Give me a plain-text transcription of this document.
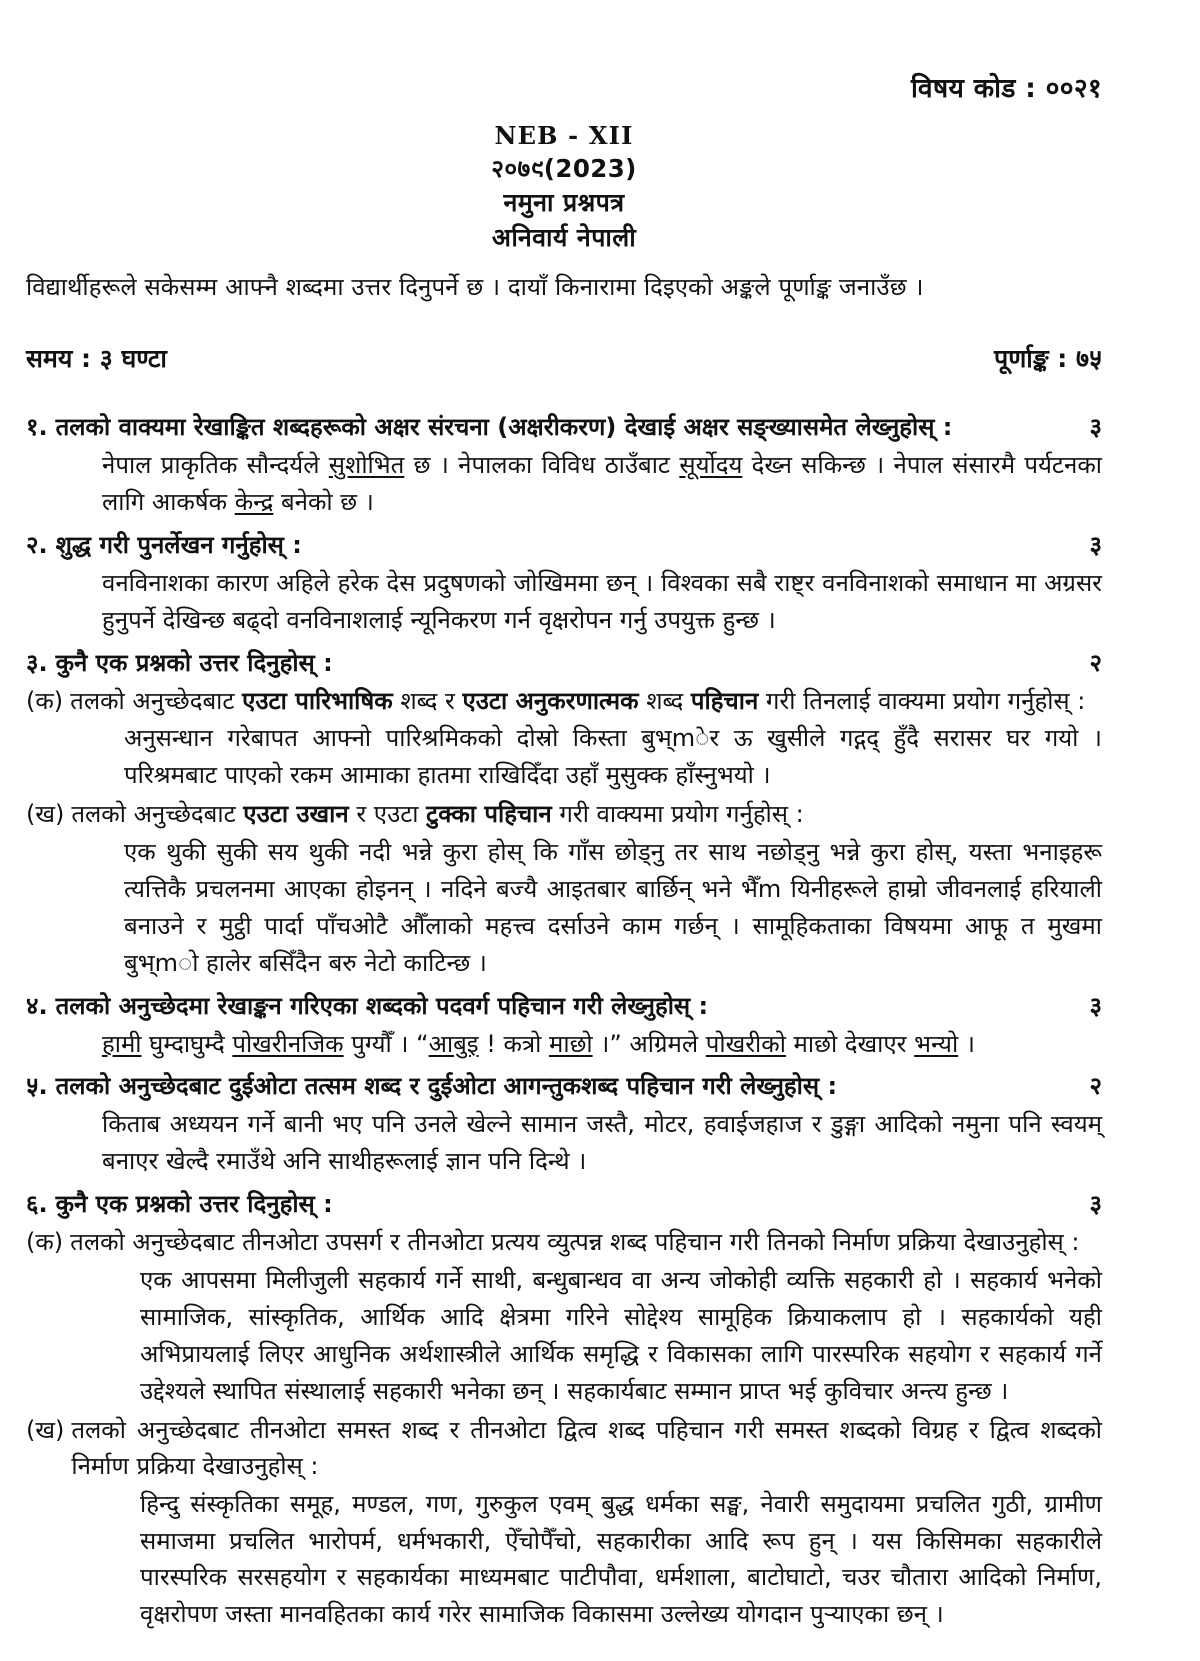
विषय कोड : ००२१
NEB - XII
२०७९(2023)
नमुना प्रश्नपत्र
अनिवार्य नेपाली
विद्यार्थीहरूले सकेसम्म आफ्नै शब्दमा उत्तर दिनुपर्ने छ । दायाँ किनारामा दिइएको अङ्कले पूर्णाङ्क जनाउँछ ।
समय : ३ घण्टा	पूर्णाङ्क : ७५
१. तलको वाक्यमा रेखाङ्कित शब्दहरूको अक्षर संरचना (अक्षरीकरण) देखाई अक्षर सङ्ख्यासमेत लेख्नुहोस् :	३
नेपाल प्राकृतिक सौन्दर्यले सुशोभित छ । नेपालका विविध ठाउँबाट सूर्योदय देख्न सकिन्छ । नेपाल संसारमै पर्यटनका लागि आकर्षक केन्द्र बनेको छ ।
२. शुद्ध गरी पुनर्लेखन गर्नुहोस् :	३
वनविनाशका कारण अहिले हरेक देस प्रदुषणको जोखिममा छन् । विश्वका सबै राष्ट्र वनविनाशको समाधान मा अग्रसर हुनुपर्ने देखिन्छ बढ्दो वनविनाशलाई न्यूनिकरण गर्न वृक्षरोपन गर्नु उपयुक्त हुन्छ ।
३. कुनै एक प्रश्नको उत्तर दिनुहोस् :	२
(क) तलको अनुच्छेदबाट एउटा पारिभाषिक शब्द र एउटा अनुकरणात्मक शब्द पहिचान गरी तिनलाई वाक्यमा प्रयोग गर्नुहोस् :
अनुसन्धान गरेबापत आफ्नो पारिश्रमिकको दोस्रो किस्ता बुभ्mेर ऊ खुसीले गद्गद् हुँदै सरासर घर गयो । परिश्रमबाट पाएको रकम आमाका हातमा राखिदिँदा उहाँ मुसुक्क हाँस्नुभयो ।
(ख) तलको अनुच्छेदबाट एउटा उखान र एउटा टुक्का पहिचान गरी वाक्यमा प्रयोग गर्नुहोस् :
एक थुकी सुकी सय थुकी नदी भन्ने कुरा होस् कि गाँस छोड्नु तर साथ नछोड्नु भन्ने कुरा होस्, यस्ता भनाइहरू त्यत्तिकै प्रचलनमा आएका होइनन् । नदिने बज्यै आइतबार बार्छिन् भने भैँm यिनीहरूले हाम्रो जीवनलाई हरियाली बनाउने र मुट्ठी पार्दा पाँचओटै औँलाको महत्त्व दर्साउने काम गर्छन् । सामूहिकताका विषयमा आफू त मुखमा बुभ्mो हालेर बसिँदैन बरु नेटो काटिन्छ ।
४. तलको अनुच्छेदमा रेखाङ्कन गरिएका शब्दको पदवर्ग पहिचान गरी लेख्नुहोस् :	३
हामी घुम्दाघुम्दै पोखरीनजिक पुग्यौँ । “आबुइ ! कत्रो माछो ।” अग्रिमले पोखरीको माछो देखाएर भन्यो ।
५. तलको अनुच्छेदबाट दुईओटा तत्सम शब्द र दुईओटा आगन्तुकशब्द पहिचान गरी लेख्नुहोस् :	२
किताब अध्ययन गर्ने बानी भए पनि उनले खेल्ने सामान जस्तै, मोटर, हवाईजहाज र डुङ्गा आदिको नमुना पनि स्वयम् बनाएर खेल्दै रमाउँथे अनि साथीहरूलाई ज्ञान पनि दिन्थे ।
६. कुनै एक प्रश्नको उत्तर दिनुहोस् :	३
(क) तलको अनुच्छेदबाट तीनओटा उपसर्ग र तीनओटा प्रत्यय व्युत्पन्न शब्द पहिचान गरी तिनको निर्माण प्रक्रिया देखाउनुहोस् :
एक आपसमा मिलीजुली सहकार्य गर्ने साथी, बन्धुबान्धव वा अन्य जोकोही व्यक्ति सहकारी हो । सहकार्य भनेको सामाजिक, सांस्कृतिक, आर्थिक आदि क्षेत्रमा गरिने सोद्देश्य सामूहिक क्रियाकलाप हो । सहकार्यको यही अभिप्रायलाई लिएर आधुनिक अर्थशास्त्रीले आर्थिक समृद्धि र विकासका लागि पारस्परिक सहयोग र सहकार्य गर्ने उद्देश्यले स्थापित संस्थालाई सहकारी भनेका छन् । सहकार्यबाट सम्मान प्राप्त भई कुविचार अन्त्य हुन्छ ।
(ख) तलको अनुच्छेदबाट तीनओटा समस्त शब्द र तीनओटा द्वित्व शब्द पहिचान गरी समस्त शब्दको विग्रह र द्वित्व शब्दको निर्माण प्रक्रिया देखाउनुहोस् :
हिन्दु संस्कृतिका समूह, मण्डल, गण, गुरुकुल एवम् बुद्ध धर्मका सङ्घ, नेवारी समुदायमा प्रचलित गुठी, ग्रामीण समाजमा प्रचलित भारोपर्म, धर्मभकारी, ऐँचोपैँचो, सहकारीका आदि रूप हुन् । यस किसिमका सहकारीले पारस्परिक सरसहयोग र सहकार्यका माध्यमबाट पाटीपौवा, धर्मशाला, बाटोघाटो, चउर चौतारा आदिको निर्माण, वृक्षरोपण जस्ता मानवहितका कार्य गरेर सामाजिक विकासमा उल्लेख्य योगदान पुर्‍याएका छन् ।
